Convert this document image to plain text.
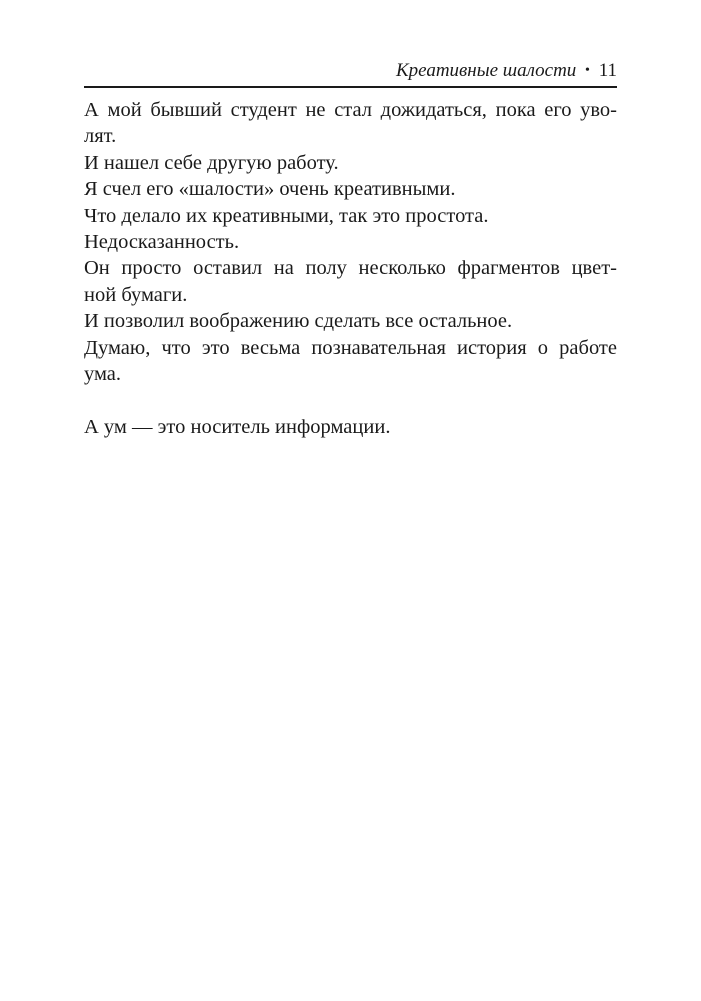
Креативные шалости • 11
А мой бывший студент не стал дожидаться, пока его уво-
лят.
И нашел себе другую работу.
Я счел его «шалости» очень креативными.
Что делало их креативными, так это простота.
Недосказанность.
Он просто оставил на полу несколько фрагментов цвет-
ной бумаги.
И позволил воображению сделать все остальное.
Думаю, что это весьма познавательная история о работе
ума.
А ум — это носитель информации.
